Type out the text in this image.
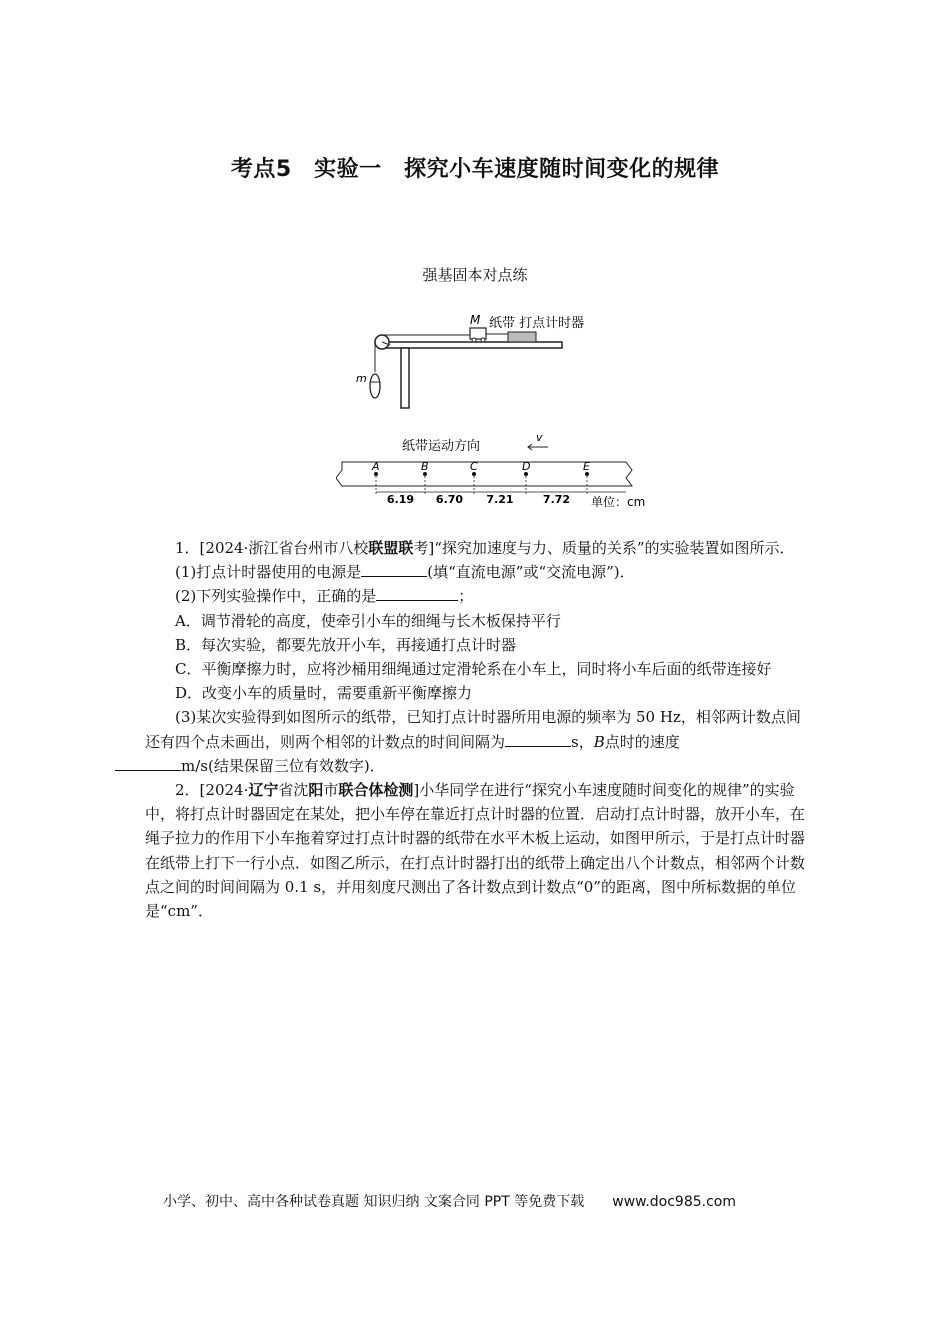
考点5　实验一　探究小车速度随时间变化的规律
强基固本对点练
m
M 纸带 打点计时器
纸带运动方向
v
A	B	C	D	E
6.19 6.70 7.21	7.72 单位：cm

1．[2024·浙江省台州市八校联盟联考]“探究加速度与力、质量的关系”的实验装置如图所示．

(1)打点计时器使用的电源是	(填“直流电源”或“交流电源”)．

(2)下列实验操作中，正确的是	；

A．调节滑轮的高度，使牵引小车的细绳与长木板保持平行

B．每次实验，都要先放开小车，再接通打点计时器

C．平衡摩擦力时，应将沙桶用细绳通过定滑轮系在小车上，同时将小车后面的纸带连接好

D．改变小车的质量时，需要重新平衡摩擦力

(3)某次实验得到如图所示的纸带，已知打点计时器所用电源的频率为 50 Hz，相邻两计数点间还有四个点未画出，则两个相邻的计数点的时间间隔为	s，B点时的速度
m/s(结果保留三位有效数字)．

2．[2024·辽宁省沈阳市联合体检测]小华同学在进行“探究小车速度随时间变化的规律”的实验中，将打点计时器固定在某处，把小车停在靠近打点计时器的位置．启动打点计时器，放开小车，在绳子拉力的作用下小车拖着穿过打点计时器的纸带在水平木板上运动，如图甲所示，于是打点计时器在纸带上打下一行小点．如图乙所示，在打点计时器打出的纸带上确定出八个计数点，相邻两个计数点之间的时间间隔为 0.1 s，并用刻度尺测出了各计数点到计数点“0”的距离，图中所标数据的单位是“cm”．

小学、初中、高中各种试卷真题 知识归纳 文案合同 PPT 等免费下载 www.doc985.com
